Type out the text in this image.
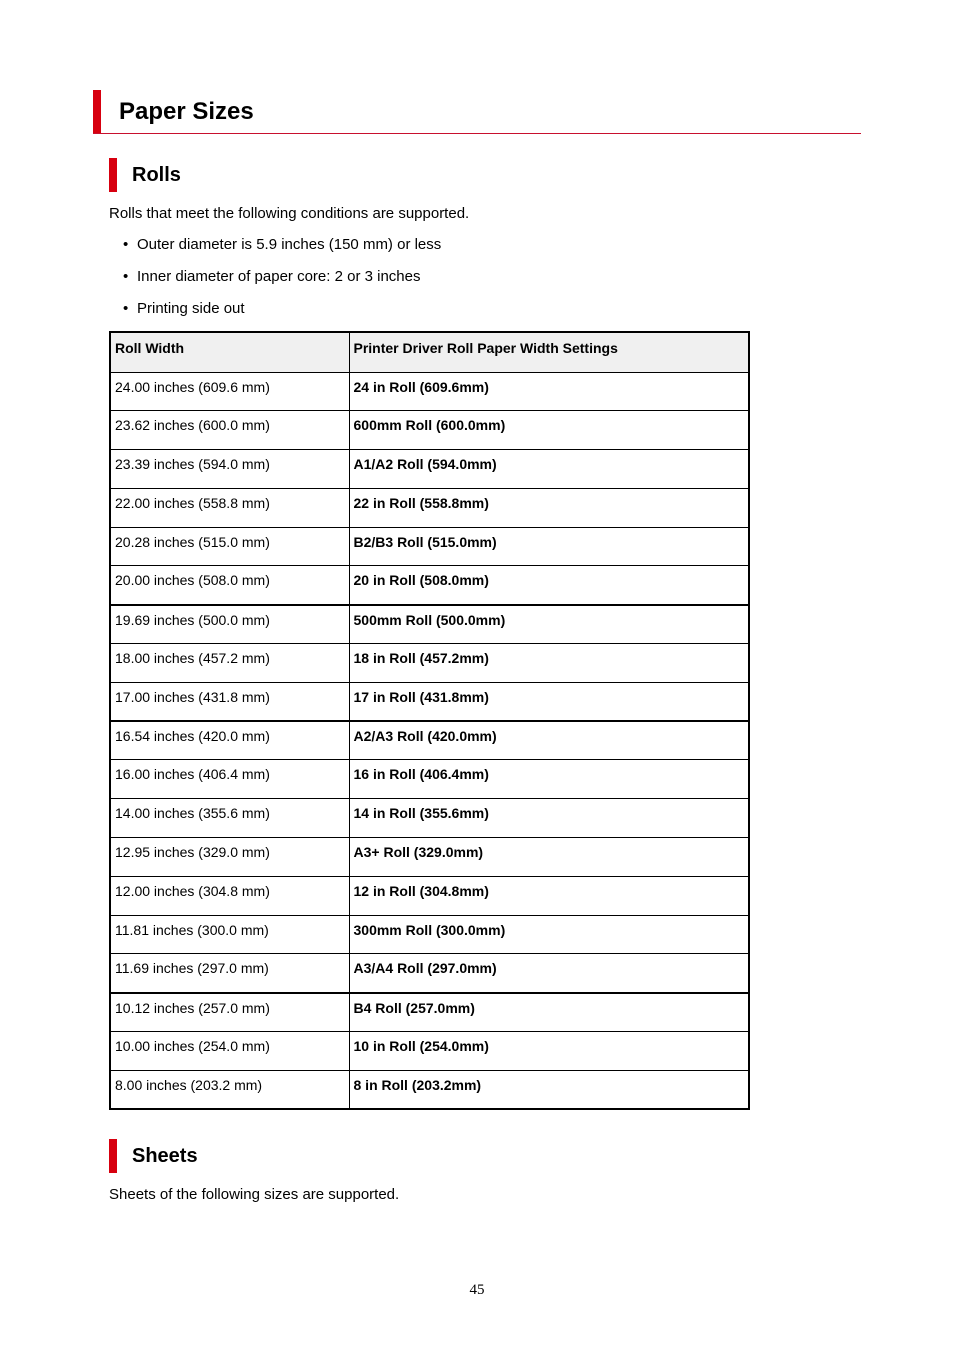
Paper Sizes
Rolls
Rolls that meet the following conditions are supported.
• Outer diameter is 5.9 inches (150 mm) or less
• Inner diameter of paper core: 2 or 3 inches
• Printing side out
Roll Width	Printer Driver Roll Paper Width Settings
24.00 inches (609.6 mm)	24 in Roll (609.6mm)
23.62 inches (600.0 mm)	600mm Roll (600.0mm)
23.39 inches (594.0 mm)	A1/A2 Roll (594.0mm)
22.00 inches (558.8 mm)	22 in Roll (558.8mm)
20.28 inches (515.0 mm)	B2/B3 Roll (515.0mm)
20.00 inches (508.0 mm)	20 in Roll (508.0mm)
19.69 inches (500.0 mm)	500mm Roll (500.0mm)
18.00 inches (457.2 mm)	18 in Roll (457.2mm)
17.00 inches (431.8 mm)	17 in Roll (431.8mm)
16.54 inches (420.0 mm)	A2/A3 Roll (420.0mm)
16.00 inches (406.4 mm)	16 in Roll (406.4mm)
14.00 inches (355.6 mm)	14 in Roll (355.6mm)
12.95 inches (329.0 mm)	A3+ Roll (329.0mm)
12.00 inches (304.8 mm)	12 in Roll (304.8mm)
11.81 inches (300.0 mm)	300mm Roll (300.0mm)
11.69 inches (297.0 mm)	A3/A4 Roll (297.0mm)
10.12 inches (257.0 mm)	B4 Roll (257.0mm)
10.00 inches (254.0 mm)	10 in Roll (254.0mm)
8.00 inches (203.2 mm)	8 in Roll (203.2mm)
Sheets
Sheets of the following sizes are supported.
45
